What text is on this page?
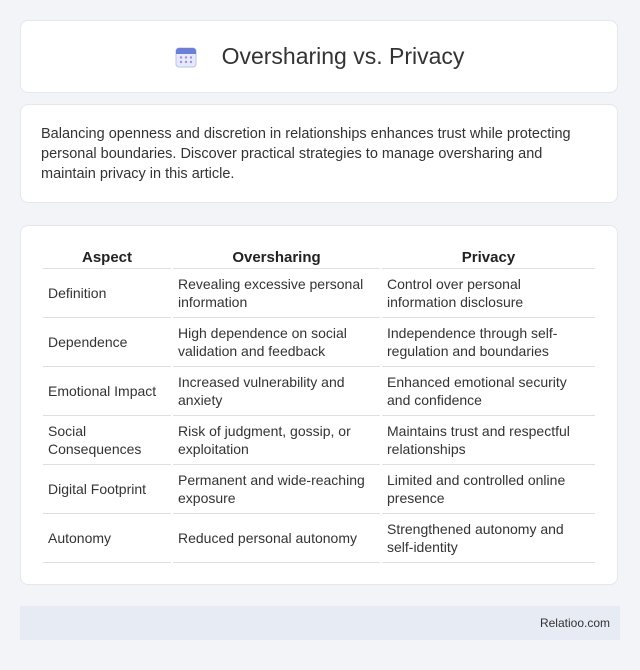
Oversharing vs. Privacy

Balancing openness and discretion in relationships enhances trust while protecting personal boundaries. Discover practical strategies to manage oversharing and maintain privacy in this article.

Aspect	Oversharing	Privacy
Definition	Revealing excessive personal information	Control over personal information disclosure
Dependence	High dependence on social validation and feedback	Independence through self-regulation and boundaries
Emotional Impact	Increased vulnerability and anxiety	Enhanced emotional security and confidence
Social Consequences	Risk of judgment, gossip, or exploitation	Maintains trust and respectful relationships
Digital Footprint	Permanent and wide-reaching exposure	Limited and controlled online presence
Autonomy	Reduced personal autonomy	Strengthened autonomy and self-identity
Relatioo.com
